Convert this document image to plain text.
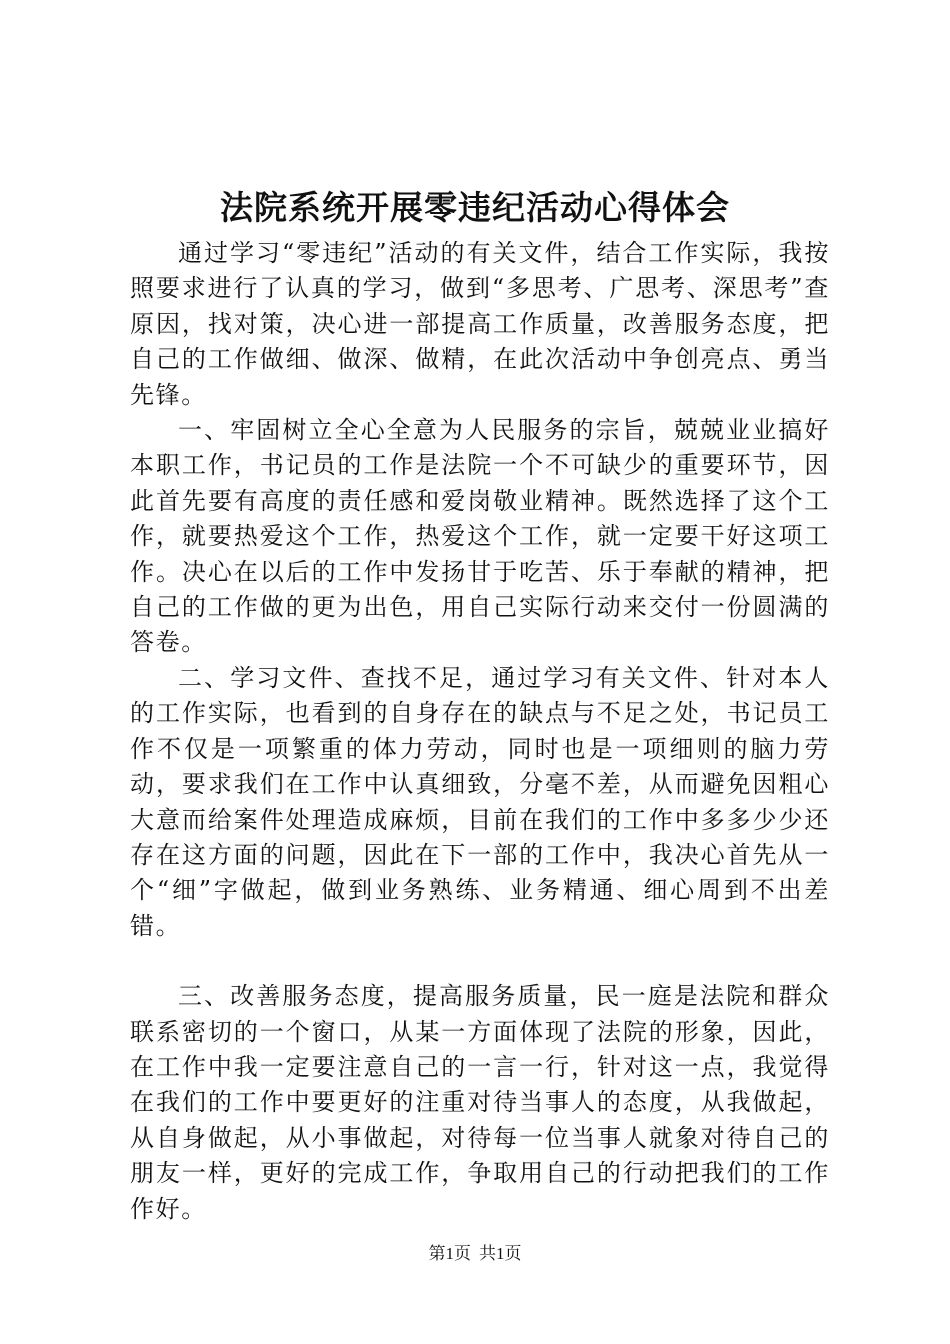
法院系统开展零违纪活动心得体会

通过学习“零违纪”活动的有关文件，结合工作实际，我按照要求进行了认真的学习，做到“多思考、广思考、深思考”查原因，找对策，决心进一部提高工作质量，改善服务态度，把自己的工作做细、做深、做精，在此次活动中争创亮点、勇当先锋。

一、牢固树立全心全意为人民服务的宗旨，兢兢业业搞好本职工作，书记员的工作是法院一个不可缺少的重要环节，因此首先要有高度的责任感和爱岗敬业精神。既然选择了这个工作，就要热爱这个工作，热爱这个工作，就一定要干好这项工作。决心在以后的工作中发扬甘于吃苦、乐于奉献的精神，把自己的工作做的更为出色，用自己实际行动来交付一份圆满的答卷。

二、学习文件、查找不足，通过学习有关文件、针对本人的工作实际，也看到的自身存在的缺点与不足之处，书记员工作不仅是一项繁重的体力劳动，同时也是一项细则的脑力劳动，要求我们在工作中认真细致，分毫不差，从而避免因粗心大意而给案件处理造成麻烦，目前在我们的工作中多多少少还存在这方面的问题，因此在下一部的工作中，我决心首先从一个“细”字做起，做到业务熟练、业务精通、细心周到不出差错。

三、改善服务态度，提高服务质量，民一庭是法院和群众联系密切的一个窗口，从某一方面体现了法院的形象，因此，在工作中我一定要注意自己的一言一行，针对这一点，我觉得在我们的工作中要更好的注重对待当事人的态度，从我做起，从自身做起，从小事做起，对待每一位当事人就象对待自己的朋友一样，更好的完成工作，争取用自己的行动把我们的工作作好。

第1页 共1页
